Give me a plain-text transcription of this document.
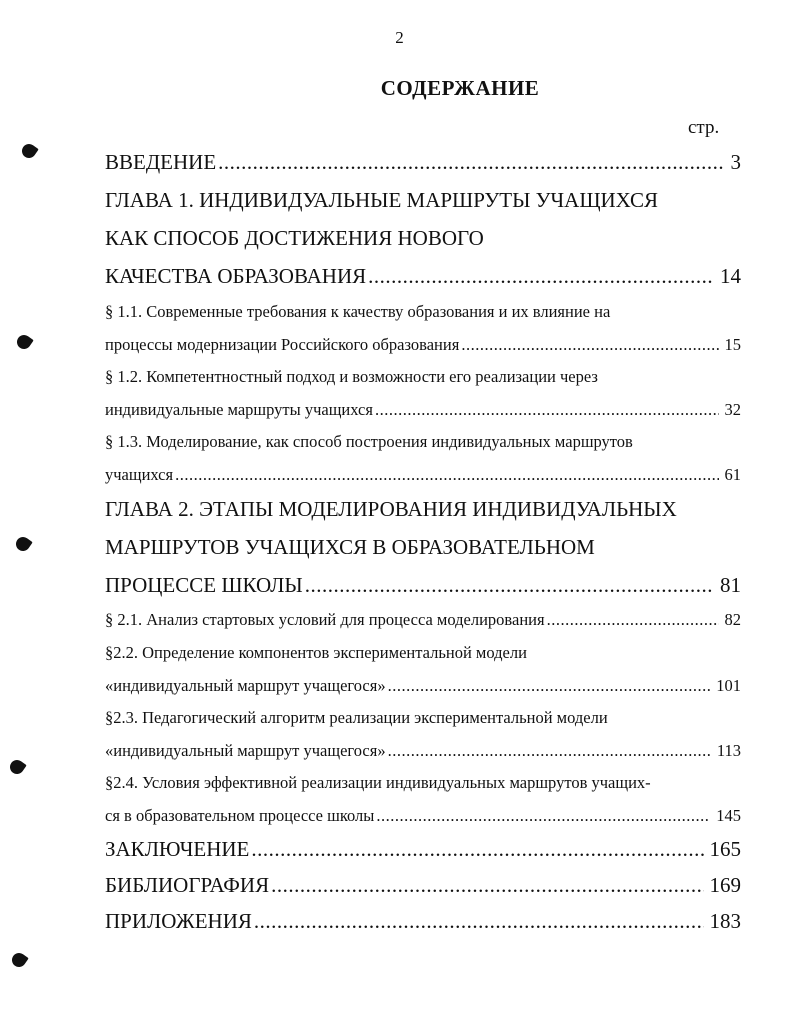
2
СОДЕРЖАНИЕ
стр.
ВВЕДЕНИЕ .....	3
ГЛАВА 1. ИНДИВИДУАЛЬНЫЕ МАРШРУТЫ УЧАЩИХСЯ
КАК СПОСОБ ДОСТИЖЕНИЯ НОВОГО
КАЧЕСТВА ОБРАЗОВАНИЯ .....	14
§ 1.1. Современные требования к качеству образования и их влияние на
процессы модернизации Российского образования .....	15
§ 1.2. Компетентностный подход и возможности его реализации через
индивидуальные маршруты учащихся .....	32
§ 1.3. Моделирование, как способ построения индивидуальных маршрутов
учащихся .....	61
ГЛАВА 2. ЭТАПЫ МОДЕЛИРОВАНИЯ ИНДИВИДУАЛЬНЫХ
МАРШРУТОВ УЧАЩИХСЯ В ОБРАЗОВАТЕЛЬНОМ
ПРОЦЕССЕ ШКОЛЫ .....	81
§ 2.1. Анализ стартовых условий для процесса моделирования .....	82
§2.2. Определение компонентов экспериментальной модели
«индивидуальный маршрут учащегося» .....	101
§2.3. Педагогический алгоритм реализации экспериментальной модели
«индивидуальный маршрут учащегося» .....	113
§2.4. Условия эффективной реализации индивидуальных маршрутов учащих-
ся в образовательном процессе школы .....	145
ЗАКЛЮЧЕНИЕ .....	165
БИБЛИОГРАФИЯ .....	169
ПРИЛОЖЕНИЯ .....	183
